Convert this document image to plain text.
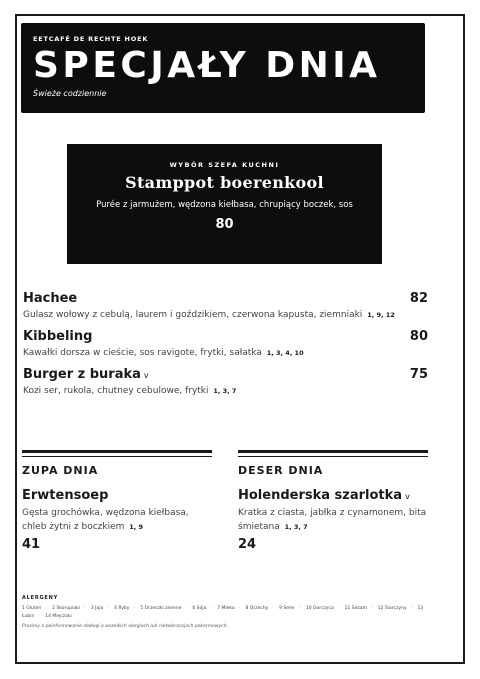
EETCAFÉ DE RECHTE HOEK
SPECJAŁY DNIA
Świeże codziennie
WYBÓR SZEFA KUCHNI
Stamppot boerenkool
Purée z jarmużem, wędzona kiełbasa, chrupiący boczek, sos
80
Hachee	82
Gulasz wołowy z cebulą, laurem i goździkiem, czerwona kapusta, ziemniaki 1, 9, 12
Kibbeling	80
Kawałki dorsza w cieście, sos ravigote, frytki, sałatka 1, 3, 4, 10
Burger z buraka v	75
Kozi ser, rukola, chutney cebulowe, frytki 1, 3, 7
ZUPA DNIA
Erwtensoep
Gęsta grochówka, wędzona kiełbasa, chleb żytni z boczkiem 1, 9
41
DESER DNIA
Holenderska szarlotka v
Kratka z ciasta, jabłka z cynamonem, bita śmietana 1, 3, 7
24
ALERGENY
1 Gluten · 2 Skorupiaki · 3 Jaja · 4 Ryby · 5 Orzeszki ziemne · 6 Soja · 7 Mleko · 8 Orzechy · 9 Seler · 10 Gorczyca · 11 Sezam · 12 Siarczyny · 13 Łubin · 14 Mięczaki
Prosimy o poinformowanie obsługi o wszelkich alergiach lub nietolerancjach pokarmowych.
